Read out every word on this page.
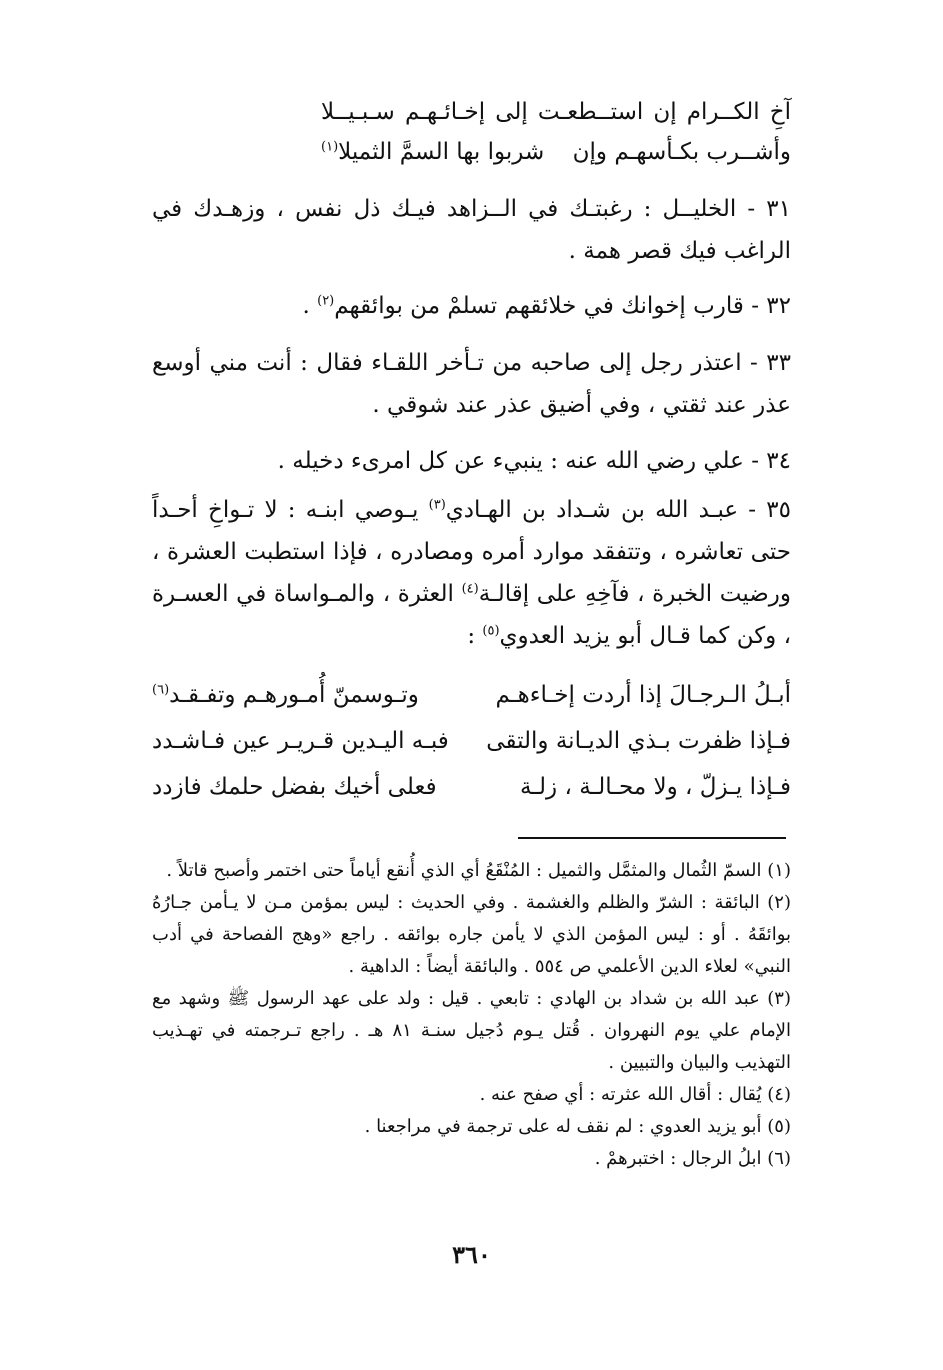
آخِ الكــرام إن استــطعـت إلى إخـائـهـم سـبـيــلا
وأشــرب بكـأسهـم وإن
شربوا بها السمَّ الثميلا$^{(١)}$

٣١ - الخليــل : رغبتـك في الــزاهد فيـك ذل نفس ، وزهـدك في الراغب فيك قصر همة .

٣٢ - قارب إخوانك في خلائقهم تسلمْ من بوائقهم$^{(٢)}$ .

٣٣ - اعتذر رجل إلى صاحبه من تـأخر اللقـاء فقال : أنت مني أوسع عذر عند ثقتي ، وفي أضيق عذر عند شوقي .

٣٤ - علي رضي الله عنه : ينبيء عن كل امرىء دخيله .

٣٥ - عبـد الله بن شـداد بن الهـادي$^{(٣)}$ يـوصي ابنـه : لا تـواخِ أحـداً حتى تعاشره ، وتتفقد موارد أمره ومصادره ، فإذا استطبت العشرة ، ورضيت الخبرة ، فآخِهِ على إقالـة$^{(٤)}$ العثرة ، والمـواساة في العسـرة ، وكن كما قـال أبو يزيد العدوي$^{(٥)}$ :

أبـلُ الـرجـالَ إذا أردت إخـاءهـم
وتـوسمنّ أُمـورهـم وتفـقـد$^{(٦)}$
فـإذا ظفرت بـذي الديـانة والتقى
فبـه اليـدين قـريـر عين فـاشـدد
فـإذا يـزلّ ، ولا محـالـة ، زلـة
فعلى أخيك بفضل حلمك فازدد

(١) السمّ الثُمال والمثمَّل والثميل : المُنْقَعُ أي الذي أُنقع أياماً حتى اختمر وأصبح قاتلاً .

(٢) البائقة : الشرّ والظلم والغشمة . وفي الحديث : ليس بمؤمن مـن لا يـأمن جـارُهُ بوائقَهُ . أو : ليس المؤمن الذي لا يأمن جاره بوائقه . راجع «وهج الفصاحة في أدب النبي» لعلاء الدين الأعلمي ص ٥٥٤ . والبائقة أيضاً : الداهية .

(٣) عبد الله بن شداد بن الهادي : تابعي . قيل : ولد على عهد الرسول ﷺ وشهد مع الإمام علي يوم النهروان . قُتل يـوم دُجيل سنـة ٨١ هـ . راجع تـرجمته في تهـذيب التهذيب والبيان والتبيين .

(٤) يُقال : أقال الله عثرته : أي صفح عنه .

(٥) أبو يزيد العدوي : لم نقف له على ترجمة في مراجعنا .

(٦) ابلُ الرجال : اختبرهمْ .

٣٦٠
